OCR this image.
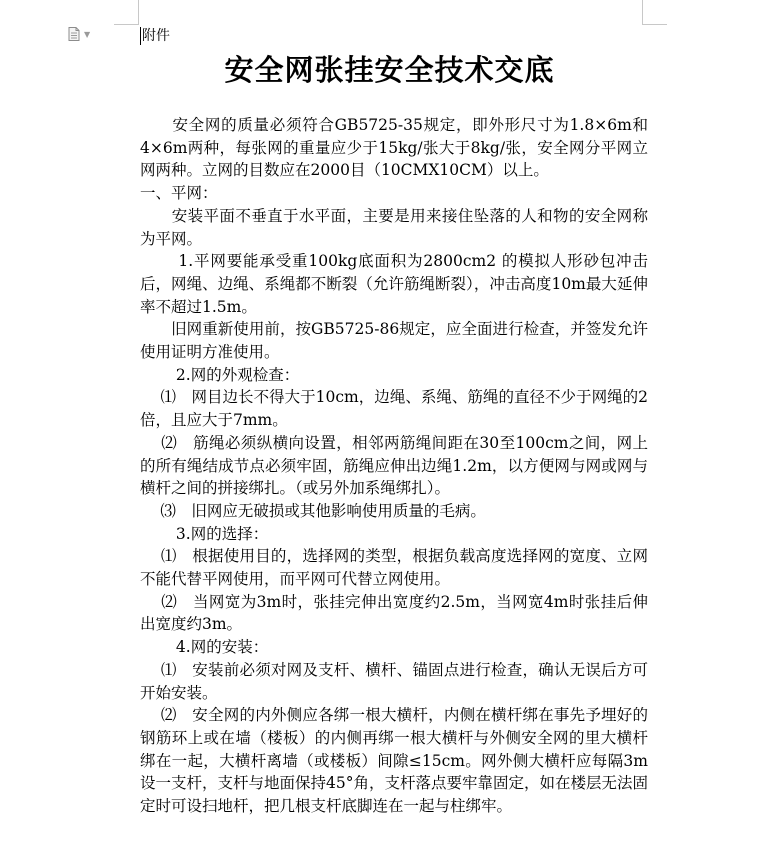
▼	附件
安全网张挂安全技术交底

　　安全网的质量必须符合GB5725-35规定，即外形尺寸为1.8×6m和4×6m两种，每张网的重量应少于15kg/张大于8kg/张，安全网分平网立网两种。立网的目数应在2000目（10CMX10CM）以上。

一、平网：

　　安装平面不垂直于水平面，主要是用来接住坠落的人和物的安全网称为平网。

　　 1.平网要能承受重100kg底面积为2800cm2 的模拟人形砂包冲击后，网绳、边绳、系绳都不断裂（允许筋绳断裂），冲击高度10m最大延伸率不超过1.5m。

　　旧网重新使用前，按GB5725-86规定，应全面进行检查，并签发允许使用证明方准使用。

　　 2.网的外观检查：

　 ⑴　网目边长不得大于10cm，边绳、系绳、筋绳的直径不少于网绳的2倍，且应大于7mm。

　 ⑵　筋绳必须纵横向设置，相邻两筋绳间距在30至100cm之间，网上的所有绳结成节点必须牢固，筋绳应伸出边绳1.2m，以方便网与网或网与横杆之间的拼接绑扎。（或另外加系绳绑扎）。

　 ⑶　旧网应无破损或其他影响使用质量的毛病。

　　 3.网的选择：

　 ⑴　根据使用目的，选择网的类型，根据负载高度选择网的宽度、立网不能代替平网使用，而平网可代替立网使用。

　 ⑵　当网宽为3m时，张挂完伸出宽度约2.5m，当网宽4m时张挂后伸出宽度约3m。

　　 4.网的安装：

　 ⑴　安装前必须对网及支杆、横杆、锚固点进行检查，确认无误后方可开始安装。

　 ⑵　安全网的内外侧应各绑一根大横杆，内侧在横杆绑在事先予埋好的钢筋环上或在墙（楼板）的内侧再绑一根大横杆与外侧安全网的里大横杆绑在一起，大横杆离墙（或楼板）间隙≤15cm。网外侧大横杆应每隔3m设一支杆，支杆与地面保持45°角，支杆落点要牢靠固定，如在楼层无法固定时可设扫地杆，把几根支杆底脚连在一起与柱绑牢。
